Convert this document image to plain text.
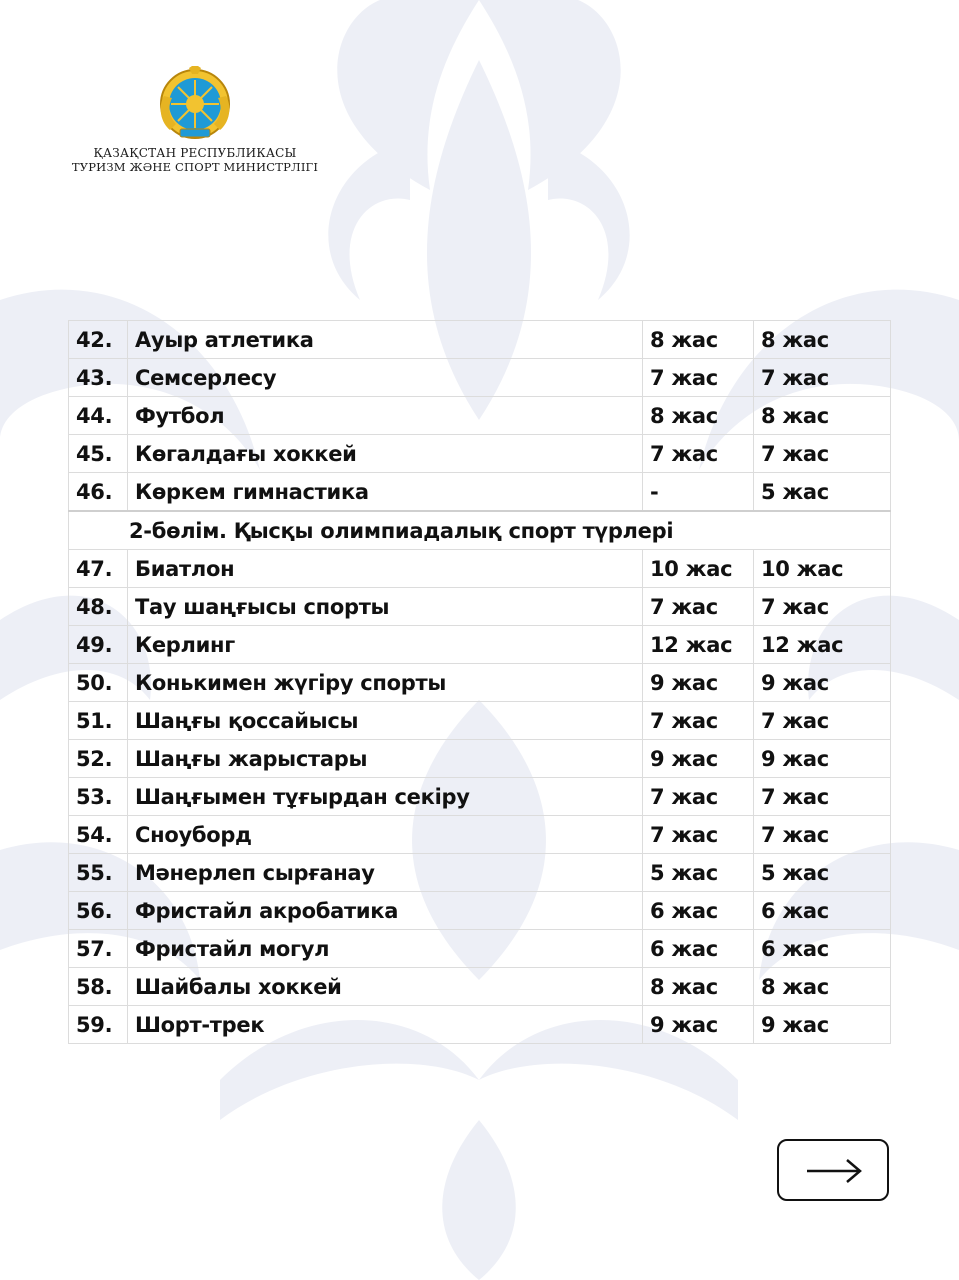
ҚАЗАҚСТАН РЕСПУБЛИКАСЫ
ТУРИЗМ ЖӘНЕ СПОРТ МИНИСТРЛІГІ
42.	Ауыр атлетика	8 жас	8 жас
43.	Семсерлесу	7 жас	7 жас
44.	Футбол	8 жас	8 жас
45.	Көгалдағы хоккей	7 жас	7 жас
46.	Көркем гимнастика	-	5 жас
2-бөлім. Қысқы олимпиадалық спорт түрлері			
47.	Биатлон	10 жас	10 жас
48.	Тау шаңғысы спорты	7 жас	7 жас
49.	Керлинг	12 жас	12 жас
50.	Конькимен жүгіру спорты	9 жас	9 жас
51.	Шаңғы қоссайысы	7 жас	7 жас
52.	Шаңғы жарыстары	9 жас	9 жас
53.	Шаңғымен тұғырдан секіру	7 жас	7 жас
54.	Сноуборд	7 жас	7 жас
55.	Мәнерлеп сырғанау	5 жас	5 жас
56.	Фристайл акробатика	6 жас	6 жас
57.	Фристайл могул	6 жас	6 жас
58.	Шайбалы хоккей	8 жас	8 жас
59.	Шорт-трек	9 жас	9 жас
